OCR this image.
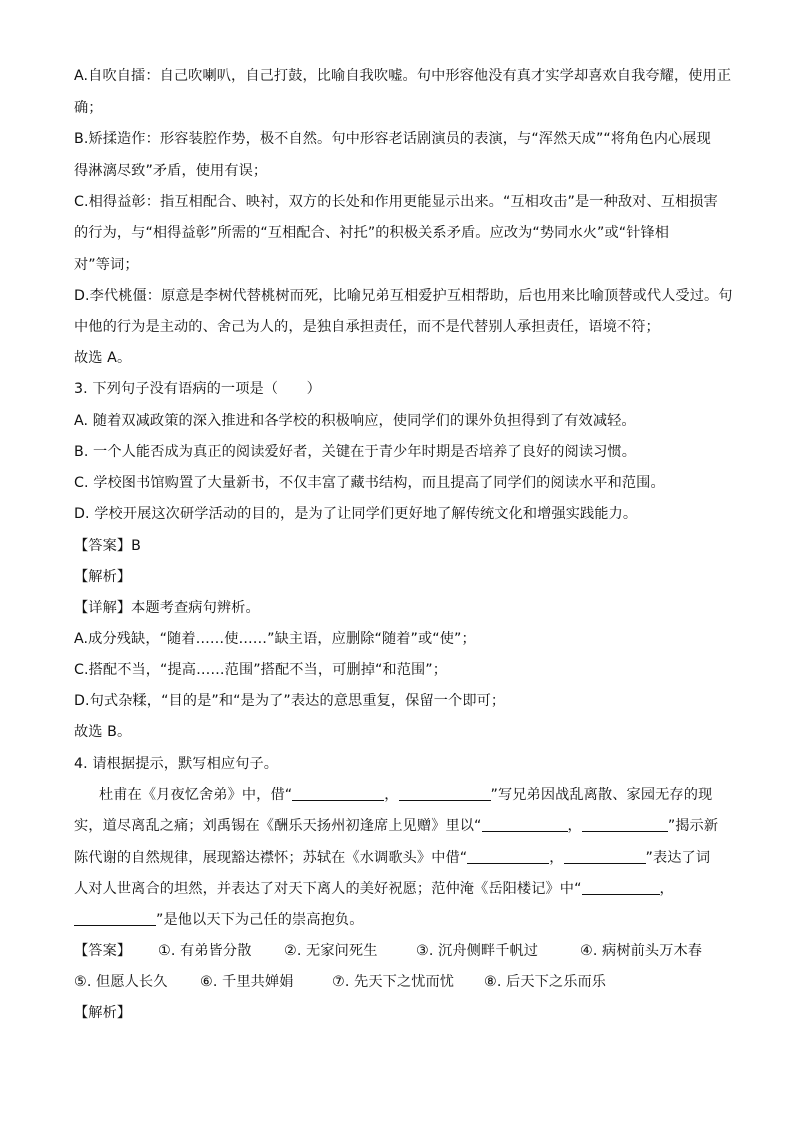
A.自吹自擂：自己吹喇叭，自己打鼓，比喻自我吹嘘。句中形容他没有真才实学却喜欢自我夸耀，使用正
确；
B.矫揉造作：形容装腔作势，极不自然。句中形容老话剧演员的表演，与“浑然天成”“将角色内心展现
得淋漓尽致”矛盾，使用有误；
C.相得益彰：指互相配合、映衬，双方的长处和作用更能显示出来。“互相攻击”是一种敌对、互相损害
的行为，与“相得益彰”所需的“互相配合、衬托”的积极关系矛盾。应改为“势同水火”或“针锋相
对”等词；
D.李代桃僵：原意是李树代替桃树而死，比喻兄弟互相爱护互相帮助，后也用来比喻顶替或代人受过。句
中他的行为是主动的、舍己为人的，是独自承担责任，而不是代替别人承担责任，语境不符；
故选 A。
3. 下列句子没有语病的一项是（　　）
A. 随着双减政策的深入推进和各学校的积极响应，使同学们的课外负担得到了有效减轻。
B. 一个人能否成为真正的阅读爱好者，关键在于青少年时期是否培养了良好的阅读习惯。
C. 学校图书馆购置了大量新书，不仅丰富了藏书结构，而且提高了同学们的阅读水平和范围。
D. 学校开展这次研学活动的目的，是为了让同学们更好地了解传统文化和增强实践能力。
【答案】B
【解析】
【详解】本题考查病句辨析。
A.成分残缺，“随着……使……”缺主语，应删除“随着”或“使”；
C.搭配不当，“提高……范围”搭配不当，可删掉“和范围”；
D.句式杂糅，“目的是”和“是为了”表达的意思重复，保留一个即可；
故选 B。
4. 请根据提示，默写相应句子。
杜甫在《月夜忆舍弟》中，借“	，	”写兄弟因战乱离散、家园无存的现
实，道尽离乱之痛；刘禹锡在《酬乐天扬州初逢席上见赠》里以“	，	”揭示新
陈代谢的自然规律，展现豁达襟怀；苏轼在《水调歌头》中借“	，	”表达了词
人对人世离合的坦然，并表达了对天下离人的美好祝愿；范仲淹《岳阳楼记》中“	，
”是他以天下为己任的崇高抱负。
【答案】 ①. 有弟皆分散 ②. 无家问死生	③. 沉舟侧畔千帆过	④. 病树前头万木春
⑤. 但愿人长久 ⑥. 千里共婵娟	⑦. 先天下之忧而忧 ⑧. 后天下之乐而乐
【解析】
